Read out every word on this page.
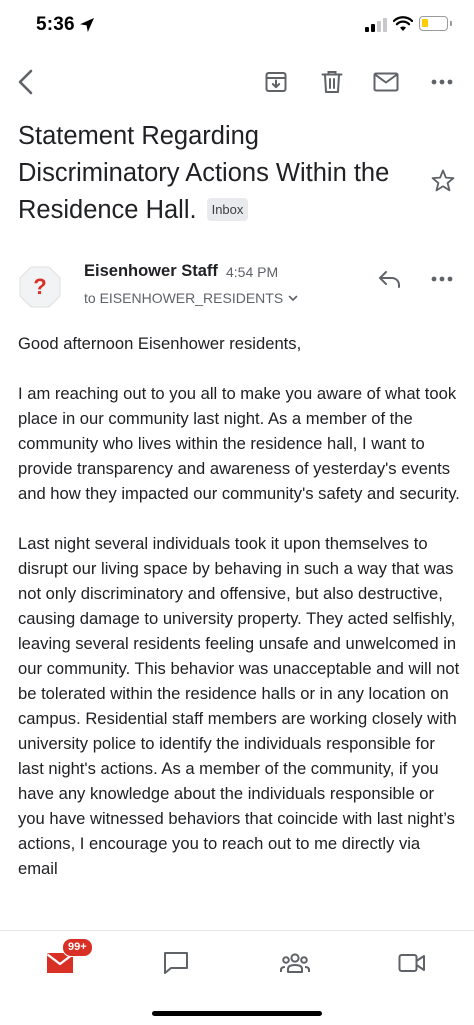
5:36
Statement Regarding Discriminatory Actions Within the Residence Hall. Inbox
?
Eisenhower Staff 4:54 PM
to EISENHOWER_RESIDENTS

Good afternoon Eisenhower residents,

I am reaching out to you all to make you aware of what took place in our community last night. As a member of the community who lives within the residence hall, I want to provide transparency and awareness of yesterday's events and how they impacted our community's safety and security.

Last night several individuals took it upon themselves to disrupt our living space by behaving in such a way that was not only discriminatory and offensive, but also destructive, causing damage to university property. They acted selfishly, leaving several residents feeling unsafe and unwelcomed in our community. This behavior was unacceptable and will not be tolerated within the residence halls or in any location on campus. Residential staff members are working closely with university police to identify the individuals responsible for last night's actions. As a member of the community, if you have any knowledge about the individuals responsible or you have witnessed behaviors that coincide with last night’s actions, I encourage you to reach out to me directly via email

99+
